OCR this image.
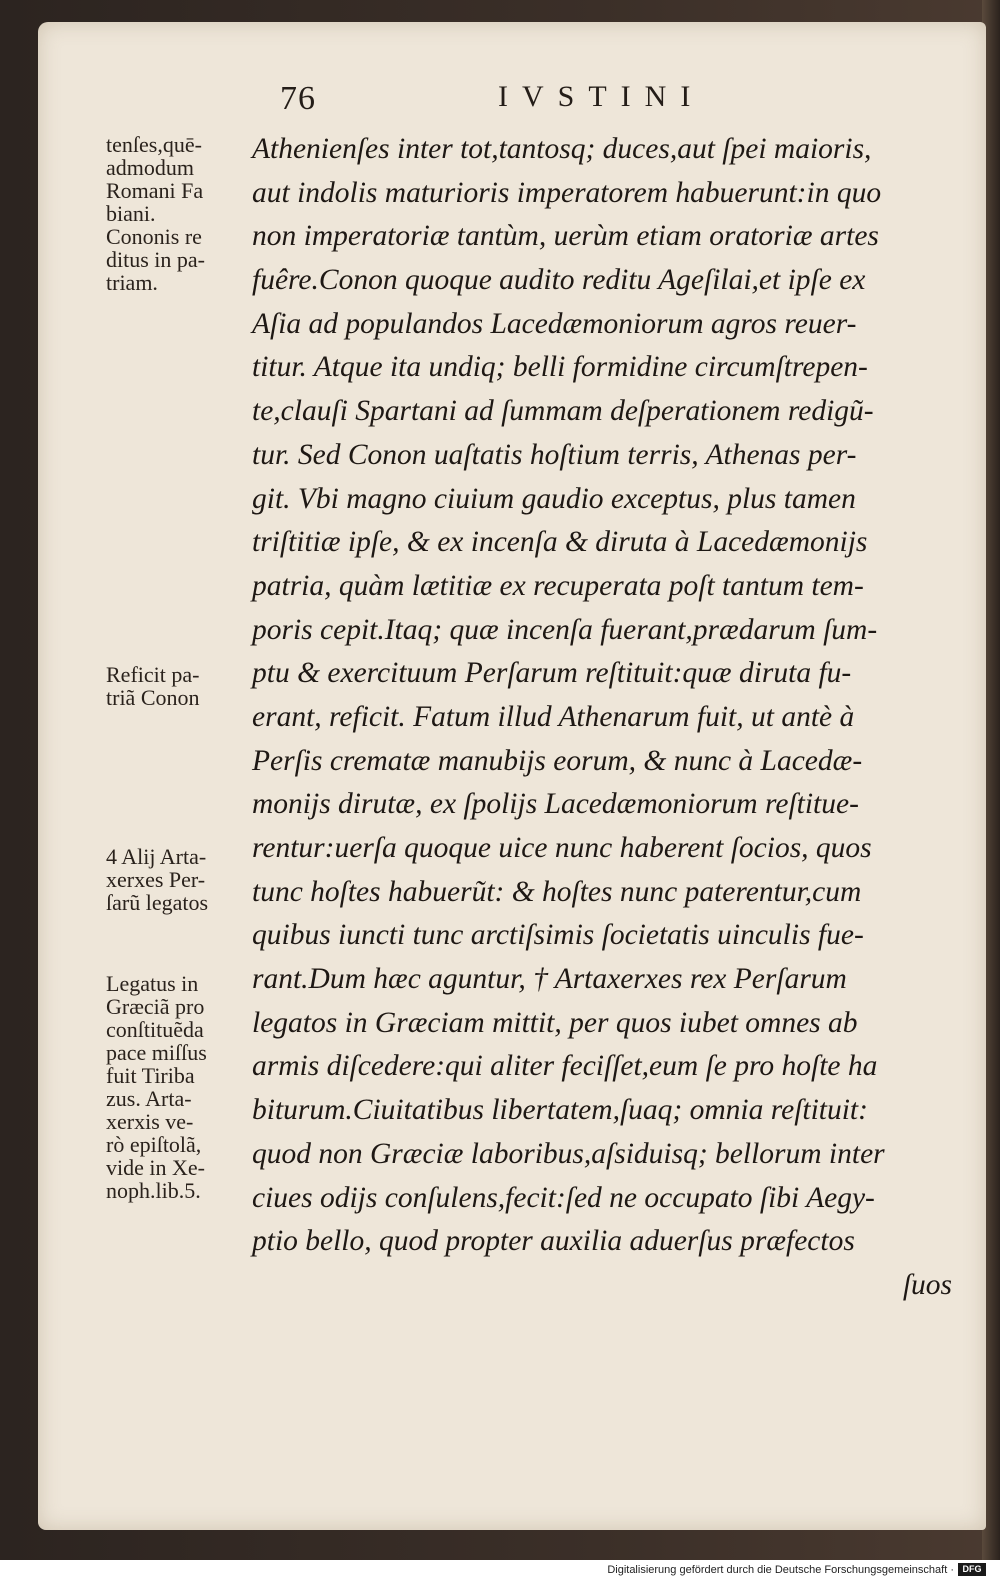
76	IVSTINI
Athenienſes inter tot,tantosq; duces,aut ſpei maioris,
aut indolis maturioris imperatorem habuerunt:in quo
non imperatoriæ tantùm, uerùm etiam oratoriæ artes
fuêre.Conon quoque audito reditu Ageſilai,et ipſe ex
Aſia ad populandos Lacedæmoniorum agros reuer-
titur. Atque ita undiq; belli formidine circumſtrepen-
te,clauſi Spartani ad ſummam deſperationem redigũ-
tur. Sed Conon uaſtatis hoſtium terris, Athenas per-
git. Vbi magno ciuium gaudio exceptus, plus tamen
triſtitiæ ipſe, & ex incenſa & diruta à Lacedæmonijs
patria, quàm lætitiæ ex recuperata poſt tantum tem-
poris cepit.Itaq; quæ incenſa fuerant,prædarum ſum-
ptu & exercituum Perſarum reſtituit:quæ diruta fu-
erant, reficit. Fatum illud Athenarum fuit, ut antè à
Perſis crematæ manubijs eorum, & nunc à Lacedæ-
monijs dirutæ, ex ſpolijs Lacedæmoniorum reſtitue-
rentur:uerſa quoque uice nunc haberent ſocios, quos
tunc hoſtes habuerũt: & hoſtes nunc paterentur,cum
quibus iuncti tunc arctiſsimis ſocietatis uinculis fue-
rant.Dum hæc aguntur, † Artaxerxes rex Perſarum
legatos in Græciam mittit, per quos iubet omnes ab
armis diſcedere:qui aliter feciſſet,eum ſe pro hoſte ha
biturum.Ciuitatibus libertatem,ſuaq; omnia reſtituit:
quod non Græciæ laboribus,aſsiduisq; bellorum inter
ciues odijs conſulens,fecit:ſed ne occupato ſibi Aegy-
ptio bello, quod propter auxilia aduerſus præfectos
ſuos
tenſes,quē-
admodum
Romani Fa
biani.
Cononis re
ditus in pa-
triam.
Reficit pa-
triã Conon
4 Alij Arta-
xerxes Per-
ſarũ legatos
Legatus in
Græciã pro
conſtituẽda
pace miſſus
fuit Tiriba
zus. Arta-
xerxis ve-
rò epiſtolã,
vide in Xe-
noph.lib.5.
Digitalisierung gefördert durch die Deutsche Forschungsgemeinschaft · DFG
